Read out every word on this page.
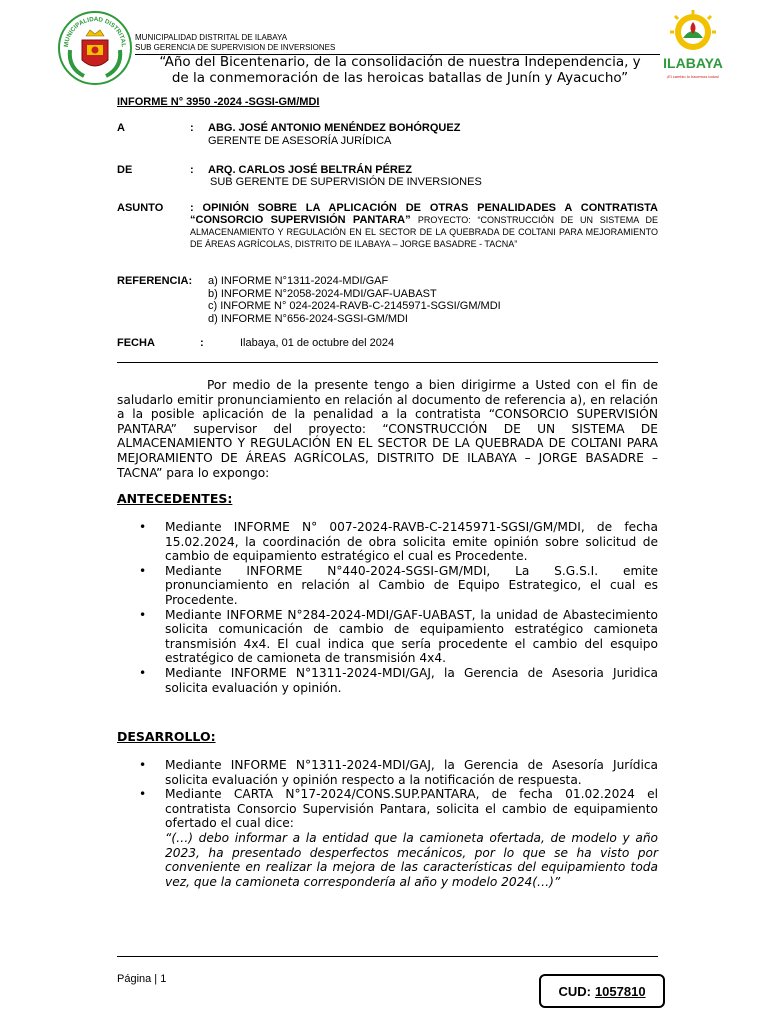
MUNICIPALIDAD DISTRITAL
MUNICIPALIDAD DISTRITAL DE ILABAYA
SUB GERENCIA DE SUPERVISION DE INVERSIONES
“Año del Bicentenario, de la consolidación de nuestra Independencia, y
de la conmemoración de las heroicas batallas de Junín y Ayacucho”
ILABAYA
¡El cambio lo hacemos todos!
INFORME N° 3950 -2024 -SGSI-GM/MDI
A	: ABG. JOSÉ ANTONIO MENÉNDEZ BOHÓRQUEZ
GERENTE DE ASESORÍA JURÍDICA
DE	: ARQ. CARLOS JOSÉ BELTRÁN PÉREZ
SUB GERENTE DE SUPERVISIÓN DE INVERSIONES
ASUNTO : OPINIÓN SOBRE LA APLICACIÓN DE OTRAS PENALIDADES A CONTRATISTA “CONSORCIO SUPERVISIÓN PANTARA” PROYECTO: “CONSTRUCCIÓN DE UN SISTEMA DE ALMACENAMIENTO Y REGULACIÓN EN EL SECTOR DE LA QUEBRADA DE COLTANI PARA MEJORAMIENTO DE ÁREAS AGRÍCOLAS, DISTRITO DE ILABAYA – JORGE BASADRE - TACNA”
REFERENCIA: a) INFORME N°1311-2024-MDI/GAF
b) INFORME N°2058-2024-MDI/GAF-UABAST
c) INFORME N° 024-2024-RAVB-C-2145971-SGSI/GM/MDI
d) INFORME N°656-2024-SGSI-GM/MDI
FECHA	:	Ilabaya, 01 de octubre del 2024
Por medio de la presente tengo a bien dirigirme a Usted con el fin de saludarlo emitir pronunciamiento en relación al documento de referencia a), en relación a la posible aplicación de la penalidad a la contratista “CONSORCIO SUPERVISIÓN PANTARA” supervisor del proyecto: “CONSTRUCCIÓN DE UN SISTEMA DE ALMACENAMIENTO Y REGULACIÓN EN EL SECTOR DE LA QUEBRADA DE COLTANI PARA MEJORAMIENTO DE ÁREAS AGRÍCOLAS, DISTRITO DE ILABAYA – JORGE BASADRE – TACNA” para lo expongo:
ANTECEDENTES:
• Mediante INFORME N° 007-2024-RAVB-C-2145971-SGSI/GM/MDI, de fecha 15.02.2024, la coordinación de obra solicita emite opinión sobre solicitud de cambio de equipamiento estratégico el cual es Procedente.
• Mediante INFORME N°440-2024-SGSI-GM/MDI, La S.G.S.I. emite pronunciamiento en relación al Cambio de Equipo Estrategico, el cual es Procedente.
• Mediante INFORME N°284-2024-MDI/GAF-UABAST, la unidad de Abastecimiento solicita comunicación de cambio de equipamiento estratégico camioneta transmisión 4x4. El cual indica que sería procedente el cambio del esquipo estratégico de camioneta de transmisión 4x4.
• Mediante INFORME N°1311-2024-MDI/GAJ, la Gerencia de Asesoria Juridica solicita evaluación y opinión.
DESARROLLO:
• Mediante INFORME N°1311-2024-MDI/GAJ, la Gerencia de Asesoría Jurídica solicita evaluación y opinión respecto a la notificación de respuesta.
• Mediante CARTA N°17-2024/CONS.SUP.PANTARA, de fecha 01.02.2024 el contratista Consorcio Supervisión Pantara, solicita el cambio de equipamiento ofertado el cual dice:
“(…) debo informar a la entidad que la camioneta ofertada, de modelo y año 2023, ha presentado desperfectos mecánicos, por lo que se ha visto por conveniente en realizar la mejora de las características del equipamiento toda vez, que la camioneta correspondería al año y modelo 2024(…)”
Página | 1
CUD: 1057810
